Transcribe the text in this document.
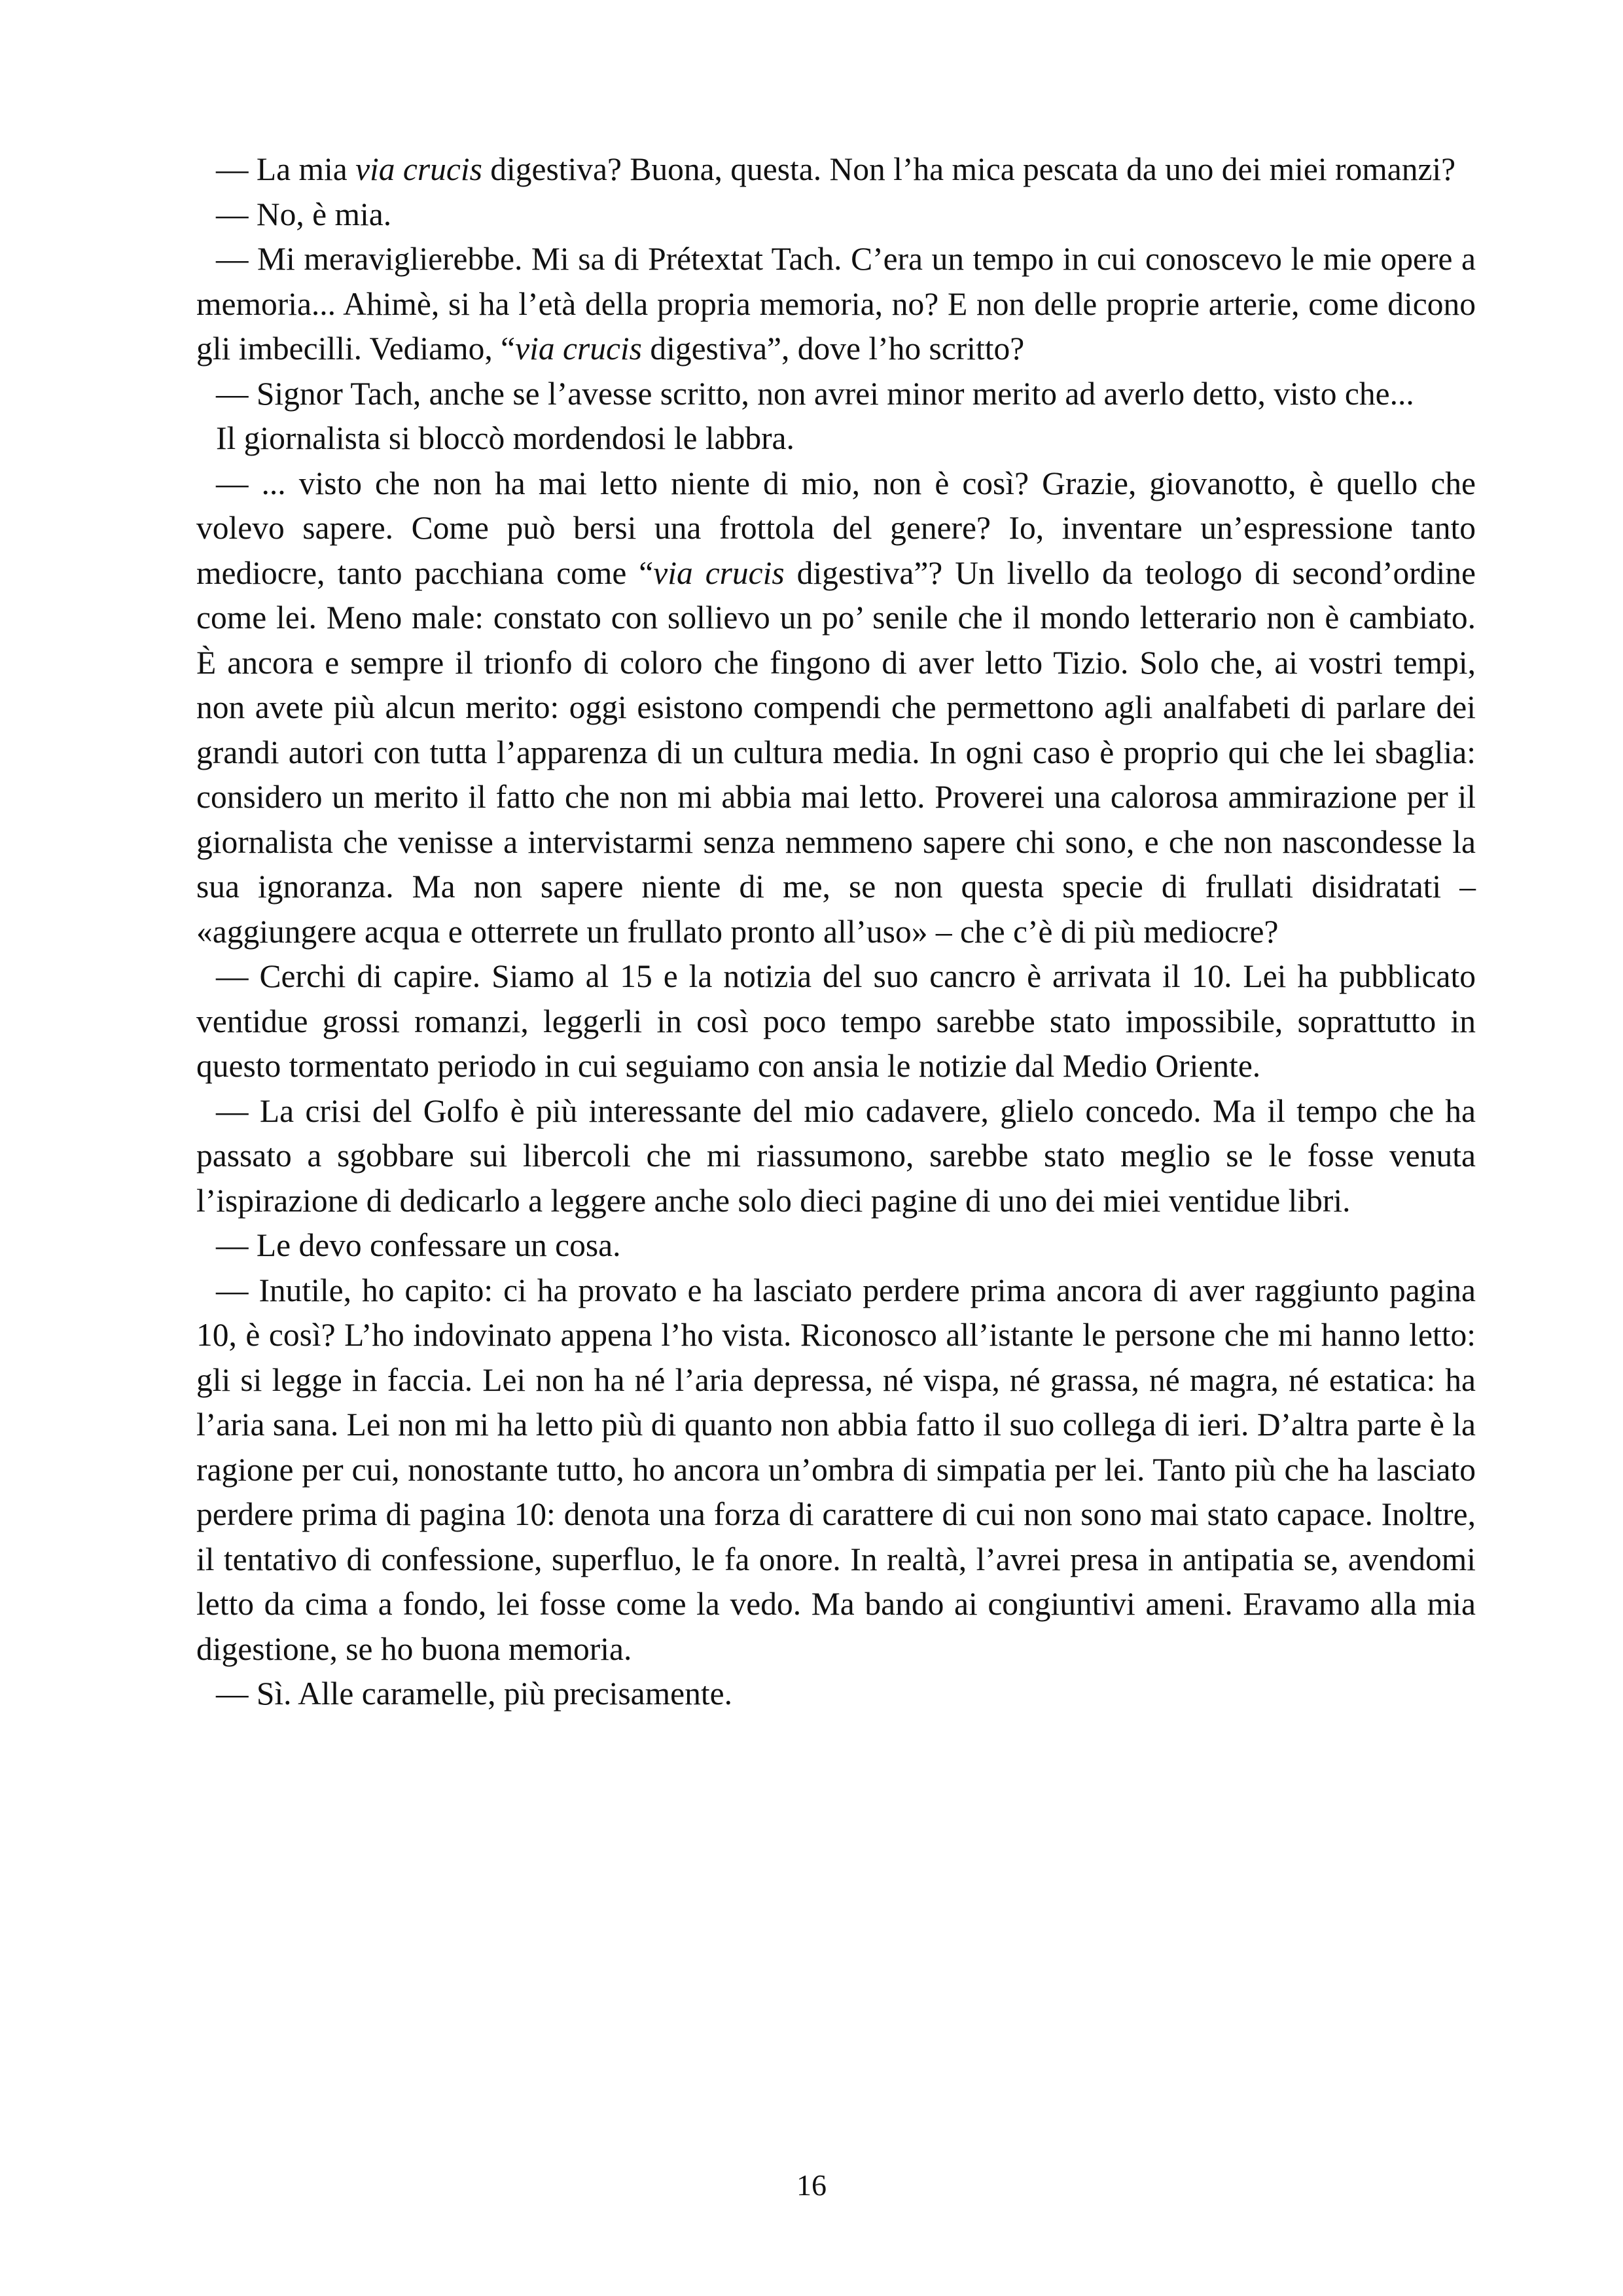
— La mia via crucis digestiva? Buona, questa. Non l’ha mica pescata da uno dei miei romanzi?

— No, è mia.

— Mi meraviglierebbe. Mi sa di Prétextat Tach. C’era un tempo in cui conoscevo le mie opere a memoria... Ahimè, si ha l’età della propria memoria, no? E non delle proprie arterie, come dicono gli imbecilli. Vediamo, “via crucis digestiva”, dove l’ho scritto?

— Signor Tach, anche se l’avesse scritto, non avrei minor merito ad averlo detto, visto che...

Il giornalista si bloccò mordendosi le labbra.

— ... visto che non ha mai letto niente di mio, non è così? Grazie, giovanotto, è quello che volevo sapere. Come può bersi una frottola del genere? Io, inventare un’espressione tanto mediocre, tanto pacchiana come “via crucis digestiva”? Un livello da teologo di second’ordine come lei. Meno male: constato con sollievo un po’ senile che il mondo letterario non è cambiato. È ancora e sempre il trionfo di coloro che fingono di aver letto Tizio. Solo che, ai vostri tempi, non avete più alcun merito: oggi esistono compendi che permettono agli analfabeti di parlare dei grandi autori con tutta l’apparenza di un cultura media. In ogni caso è proprio qui che lei sbaglia: considero un merito il fatto che non mi abbia mai letto. Proverei una calorosa ammirazione per il giornalista che venisse a intervistarmi senza nemmeno sapere chi sono, e che non nascondesse la sua ignoranza. Ma non sapere niente di me, se non questa specie di frullati disidratati – «aggiungere acqua e otterrete un frullato pronto all’uso» – che c’è di più mediocre?

— Cerchi di capire. Siamo al 15 e la notizia del suo cancro è arrivata il 10. Lei ha pubblicato ventidue grossi romanzi, leggerli in così poco tempo sarebbe stato impossibile, soprattutto in questo tormentato periodo in cui seguiamo con ansia le notizie dal Medio Oriente.

— La crisi del Golfo è più interessante del mio cadavere, glielo concedo. Ma il tempo che ha passato a sgobbare sui libercoli che mi riassumono, sarebbe stato meglio se le fosse venuta l’ispirazione di dedicarlo a leggere anche solo dieci pagine di uno dei miei ventidue libri.

— Le devo confessare un cosa.

— Inutile, ho capito: ci ha provato e ha lasciato perdere prima ancora di aver raggiunto pagina 10, è così? L’ho indovinato appena l’ho vista. Riconosco all’istante le persone che mi hanno letto: gli si legge in faccia. Lei non ha né l’aria depressa, né vispa, né grassa, né magra, né estatica: ha l’aria sana. Lei non mi ha letto più di quanto non abbia fatto il suo collega di ieri. D’altra parte è la ragione per cui, nonostante tutto, ho ancora un’ombra di simpatia per lei. Tanto più che ha lasciato perdere prima di pagina 10: denota una forza di carattere di cui non sono mai stato capace. Inoltre, il tentativo di confessione, superfluo, le fa onore. In realtà, l’avrei presa in antipatia se, avendomi letto da cima a fondo, lei fosse come la vedo. Ma bando ai congiuntivi ameni. Eravamo alla mia digestione, se ho buona memoria.

— Sì. Alle caramelle, più precisamente.

16
